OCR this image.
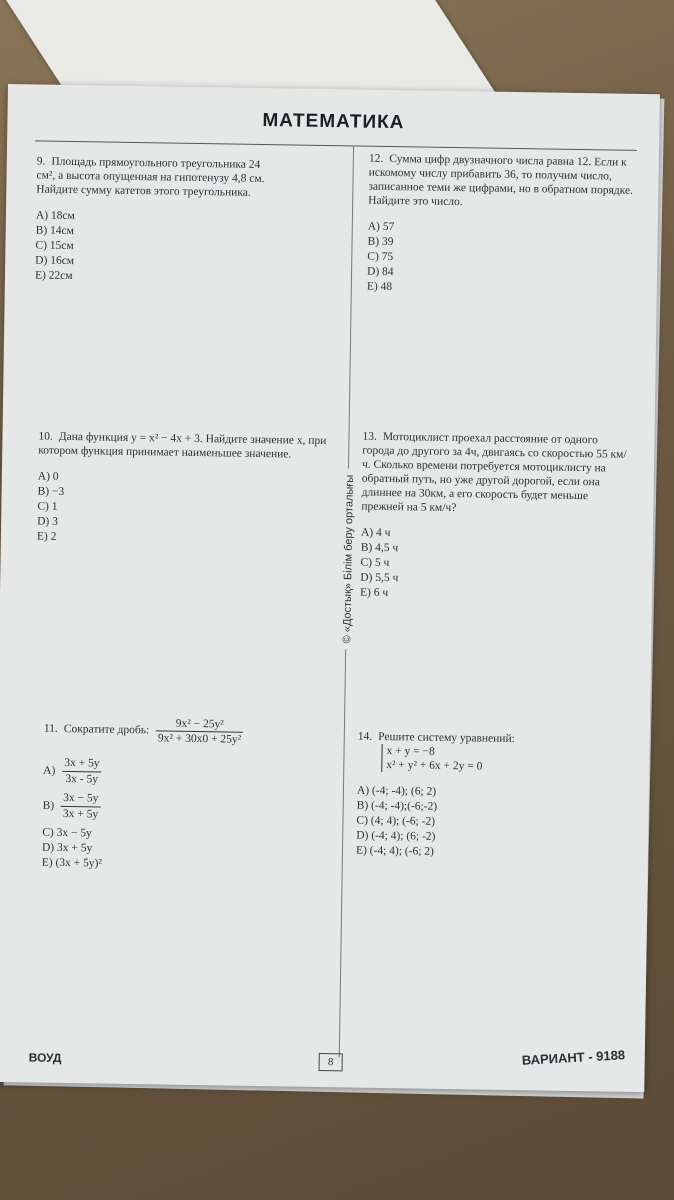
МАТЕМАТИКА
© «Достық» Білім беру орталығы
9. Площадь прямоугольного треугольника 24 см², а высота опущенная на гипотенузу 4,8 см. Найдите сумму катетов этого треугольника.
A) 18см
B) 14см
C) 15см
D) 16см
E) 22см
10. Дана функция y = x² − 4x + 3. Найдите значение x, при котором функция принимает наименьшее значение.
A) 0
B) −3
C) 1
D) 3
E) 2
11. Сократите дробь: $\frac{\text{9x² − 25y²}}{\text{9x² + 30x0 + 25y²}}$
$A) \frac{3x + 5y}{3x - 5y}$
$B) \frac{3x - 5y}{3x + 5y}$
C) 3x − 5y
D) 3x + 5y
E) (3x + 5y)²
12. Сумма цифр двузначного числа равна 12. Если к искомому числу прибавить 36, то получим число, записанное теми же цифрами, но в обратном порядке. Найдите это число.
A) 57
B) 39
C) 75
D) 84
E) 48
13. Мотоциклист проехал расстояние от одного города до другого за 4ч, двигаясь со скоростью 55 км/ч. Сколько времени потребуется мотоциклисту на обратный путь, но уже другой дорогой, если она длиннее на 30км, а его скорость будет меньше прежней на 5 км/ч?
A) 4 ч
B) 4,5 ч
C) 5 ч
D) 5,5 ч
E) 6 ч
14. Решите систему уравнений:
x + y = −8
x² + y² + 6x + 2y = 0
A) (-4; -4); (6; 2)
B) (-4; -4);(-6;-2)
C) (4; 4); (-6; -2)
D) (-4; 4); (6; -2)
E) (-4; 4); (-6; 2)
ВОУД	8	ВАРИАНТ - 9188
